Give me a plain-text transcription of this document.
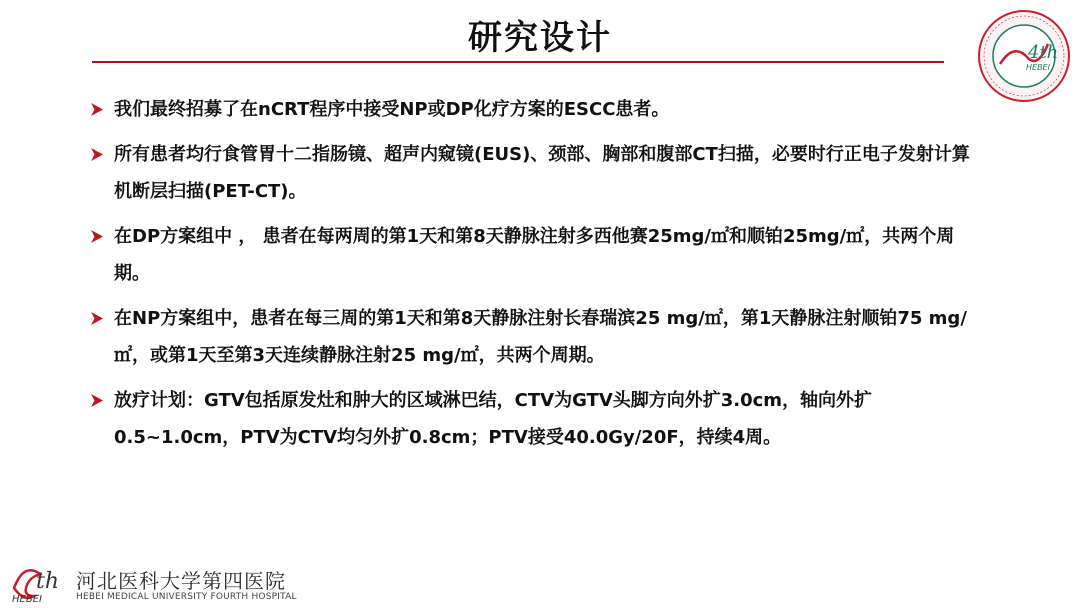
研究设计	4th
HEBEI
我们最终招募了在nCRT程序中接受NP或DP化疗方案的ESCC患者。
所有患者均行食管胃十二指肠镜、超声内窥镜(EUS)、颈部、胸部和腹部CT扫描，必要时行正电子发射计算机断层扫描(PET-CT)。
在DP方案组中 ， 患者在每两周的第1天和第8天静脉注射多西他赛25mg/㎡和顺铂25mg/㎡，共两个周期。
在NP方案组中，患者在每三周的第1天和第8天静脉注射长春瑞滨25 mg/㎡，第1天静脉注射顺铂75 mg/㎡，或第1天至第3天连续静脉注射25 mg/㎡，共两个周期。
放疗计划：GTV包括原发灶和肿大的区域淋巴结，CTV为GTV头脚方向外扩3.0cm，轴向外扩0.5~1.0cm，PTV为CTV均匀外扩0.8cm；PTV接受40.0Gy/20F，持续4周。
th
HEBEI
河北医科大学第四医院
HEBEI MEDICAL UNIVERSITY FOURTH HOSPITAL
